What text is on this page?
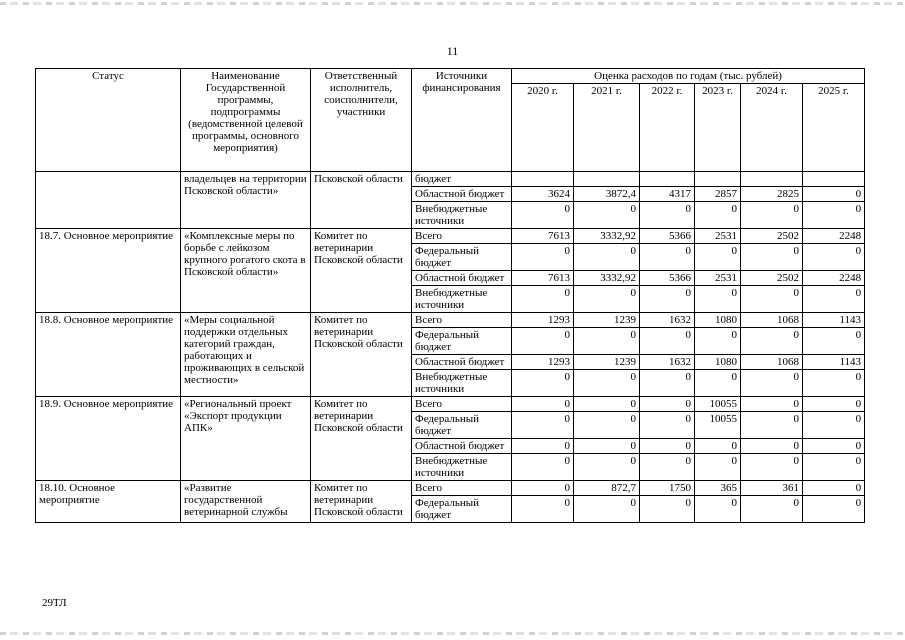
11
Статус	Наименование Государственной программы, подпрограммы (ведомственной целевой программы, основного мероприятия)	Ответственный исполнитель, соисполнители, участники	Источники финансирования	Оценка расходов по годам (тыс. рублей)					
				2020 г.	2021 г.	2022 г.	2023 г.	2024 г.	2025 г.
	владельцев на территории Псковской области»	Псковской области	бюджет						
			Областной бюджет	3624	3872,4	4317	2857	2825	0
			Внебюджетные источники	0	0	0	0	0	0
18.7. Основное мероприятие	«Комплексные меры по борьбе с лейкозом крупного рогатого скота в Псковской области»	Комитет по ветеринарии Псковской области	Всего	7613	3332,92	5366	2531	2502	2248
			Федеральный бюджет	0	0	0	0	0	0
			Областной бюджет	7613	3332,92	5366	2531	2502	2248
			Внебюджетные источники	0	0	0	0	0	0
18.8. Основное мероприятие	«Меры социальной поддержки отдельных категорий граждан, работающих и проживающих в сельской местности»	Комитет по ветеринарии Псковской области	Всего	1293	1239	1632	1080	1068	1143
			Федеральный бюджет	0	0	0	0	0	0
			Областной бюджет	1293	1239	1632	1080	1068	1143
			Внебюджетные источники	0	0	0	0	0	0
18.9. Основное мероприятие	«Региональный проект «Экспорт продукции АПК»	Комитет по ветеринарии Псковской области	Всего	0	0	0	10055	0	0
			Федеральный бюджет	0	0	0	10055	0	0
			Областной бюджет	0	0	0	0	0	0
			Внебюджетные источники	0	0	0	0	0	0
18.10. Основное мероприятие	«Развитие государственной ветеринарной службы	Комитет по ветеринарии Псковской области	Всего	0	872,7	1750	365	361	0
			Федеральный бюджет	0	0	0	0	0	0
29ТЛ
